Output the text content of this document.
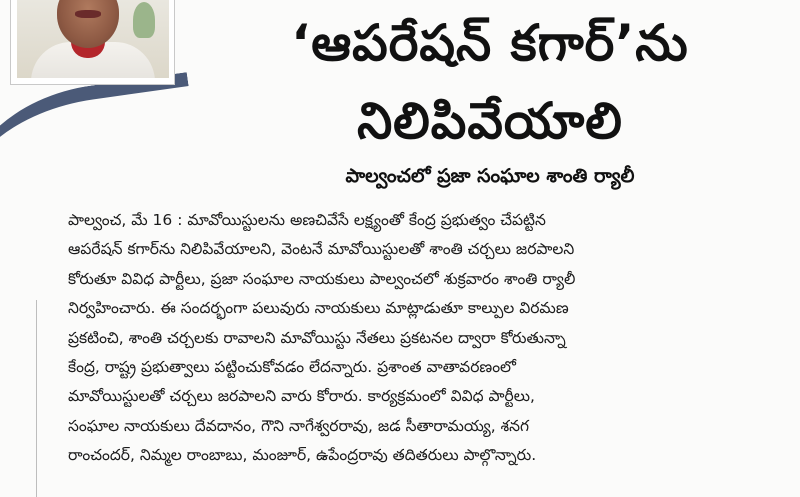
‘ఆపరేషన్ కగార్’ను
నిలిపివేయాలి
పాల్వంచలో ప్రజా సంఘాల శాంతి ర్యాలీ
పాల్వంచ, మే 16 : మావోయిస్టులను అణచివేసే లక్ష్యంతో కేంద్ర ప్రభుత్వం చేపట్టిన
ఆపరేషన్ కగార్‌ను నిలిపివేయాలని, వెంటనే మావోయిస్టులతో శాంతి చర్చలు జరపాలని
కోరుతూ వివిధ పార్టీలు, ప్రజా సంఘాల నాయకులు పాల్వంచలో శుక్రవారం శాంతి ర్యాలీ
నిర్వహించారు. ఈ సందర్భంగా పలువురు నాయకులు మాట్లాడుతూ కాల్పుల విరమణ
ప్రకటించి, శాంతి చర్చలకు రావాలని మావోయిస్టు నేతలు ప్రకటనల ద్వారా కోరుతున్నా
కేంద్ర, రాష్ట్ర ప్రభుత్వాలు పట్టించుకోవడం లేదన్నారు. ప్రశాంత వాతావరణంలో
మావోయిస్టులతో చర్చలు జరపాలని వారు కోరారు. కార్యక్రమంలో వివిధ పార్టీలు,
సంఘాల నాయకులు దేవదానం, గౌని నాగేశ్వరరావు, జడ సీతారామయ్య, శనగ
రాంచందర్, నిమ్మల రాంబాబు, మంజూర్, ఉపేంద్రరావు తదితరులు పాల్గొన్నారు.
